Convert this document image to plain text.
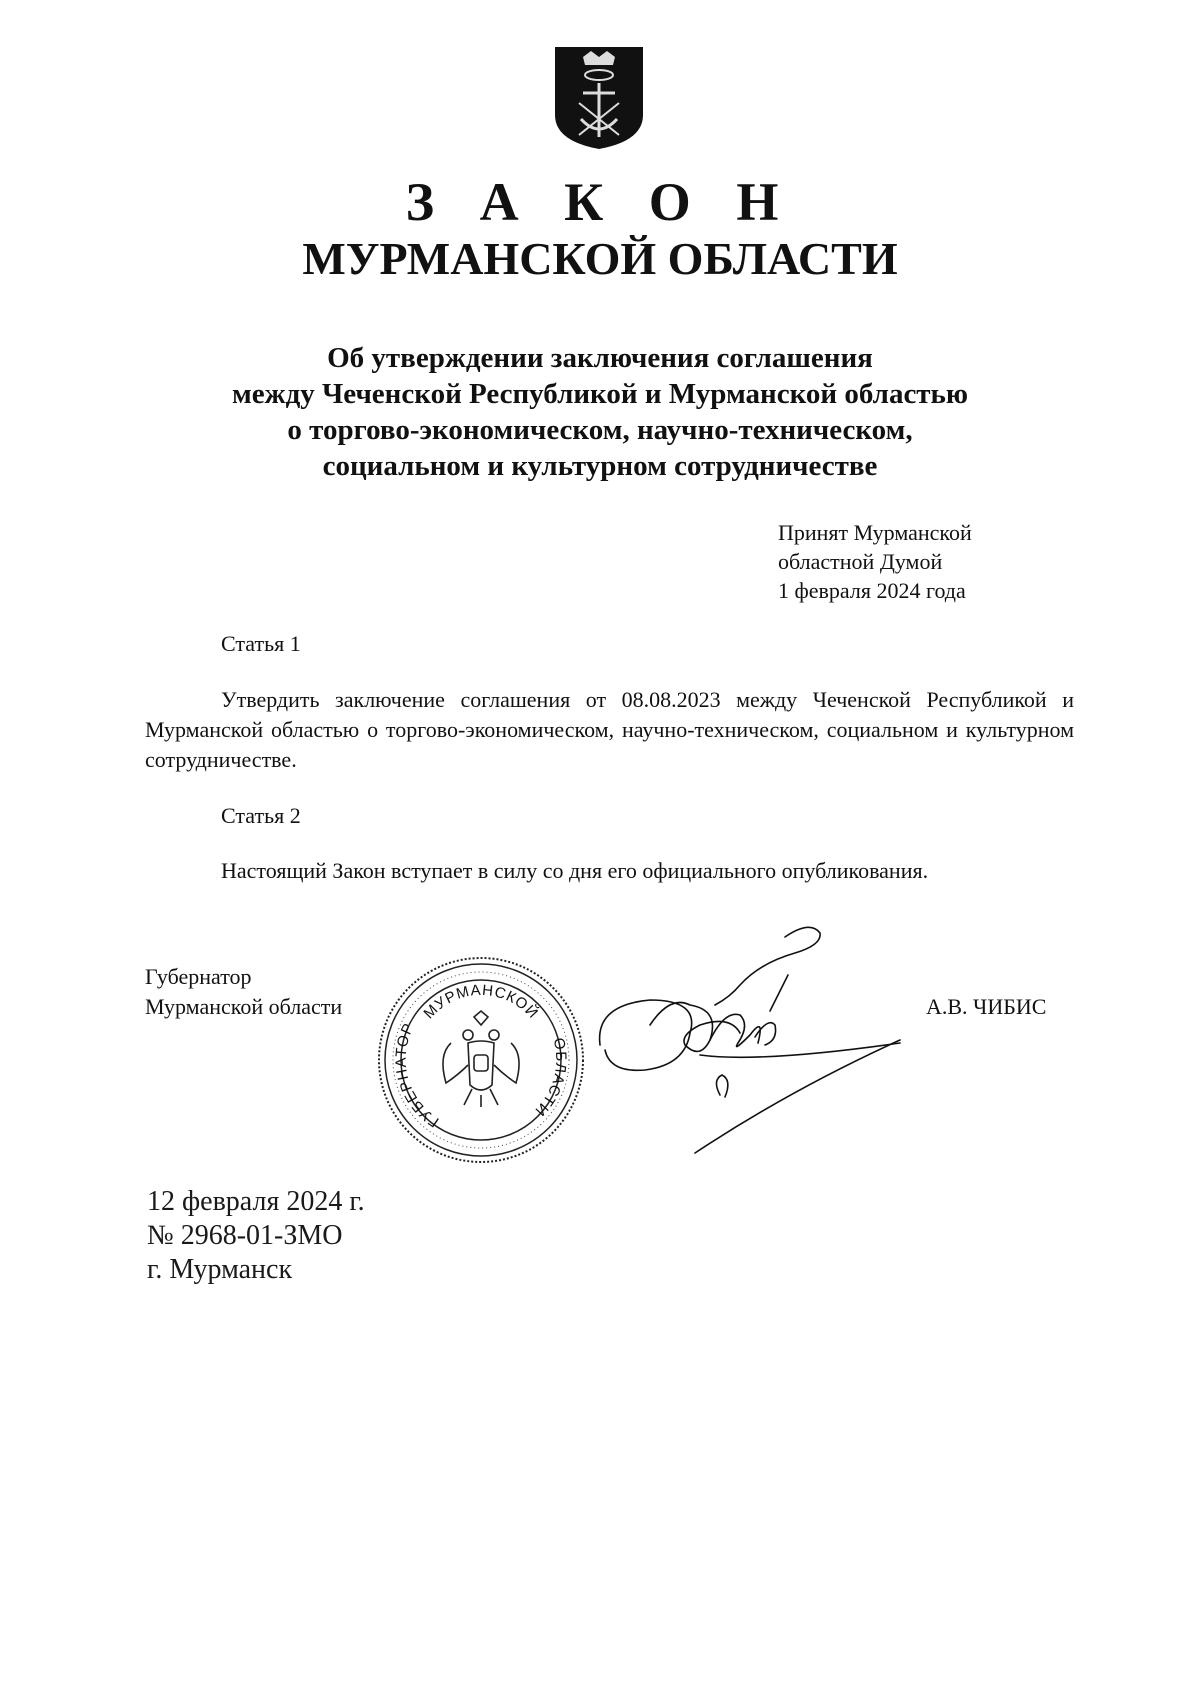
З А К О Н
МУРМАНСКОЙ ОБЛАСТИ
Об утверждении заключения соглашения
между Чеченской Республикой и Мурманской областью
о торгово-экономическом, научно-техническом,
социальном и культурном сотрудничестве
Принят Мурманской
областной Думой
1 февраля 2024 года
Статья 1
Утвердить заключение соглашения от 08.08.2023 между Чеченской Республикой и Мурманской областью о торгово-экономическом, научно-техническом, социальном и культурном сотрудничестве.
Статья 2
Настоящий Закон вступает в силу со дня его официального опубликования.
Губернатор
Мурманской области	МУРМАНСКОЙ
ГУБЕРНАТОР
ОБЛАСТИ
А.В. ЧИБИС
12 февраля 2024 г.
№ 2968-01-ЗМО
г. Мурманск
